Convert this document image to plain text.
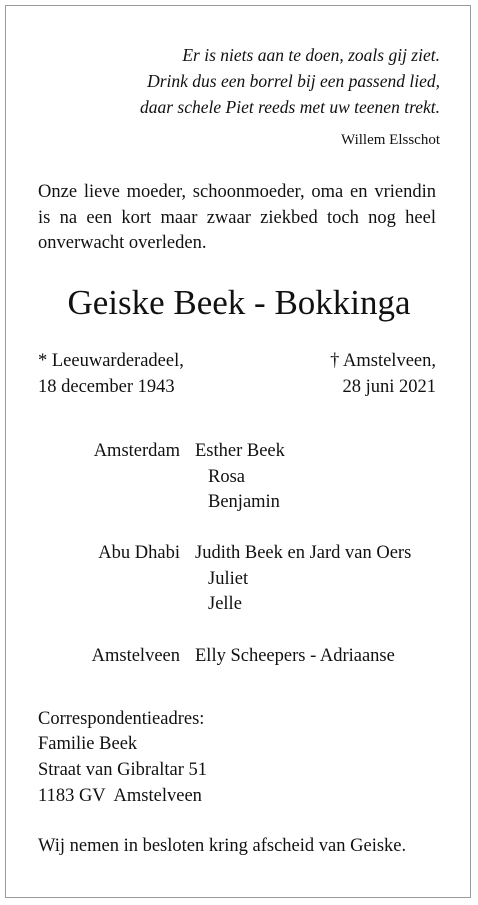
Er is niets aan te doen, zoals gij ziet.
Drink dus een borrel bij een passend lied,
daar schele Piet reeds met uw teenen trekt.
Willem Elsschot
Onze lieve moeder, schoonmoeder, oma en vriendin is na een kort maar zwaar ziekbed toch nog heel onverwacht overleden.
Geiske Beek - Bokkinga
* Leeuwarderadeel,
18 december 1943
† Amstelveen,
28 juni 2021
Amsterdam Esther Beek
Rosa
Benjamin
Abu Dhabi Judith Beek en Jard van Oers
Juliet
Jelle
Amstelveen Elly Scheepers - Adriaanse
Correspondentieadres:
Familie Beek
Straat van Gibraltar 51
1183 GV  Amstelveen
Wij nemen in besloten kring afscheid van Geiske.
